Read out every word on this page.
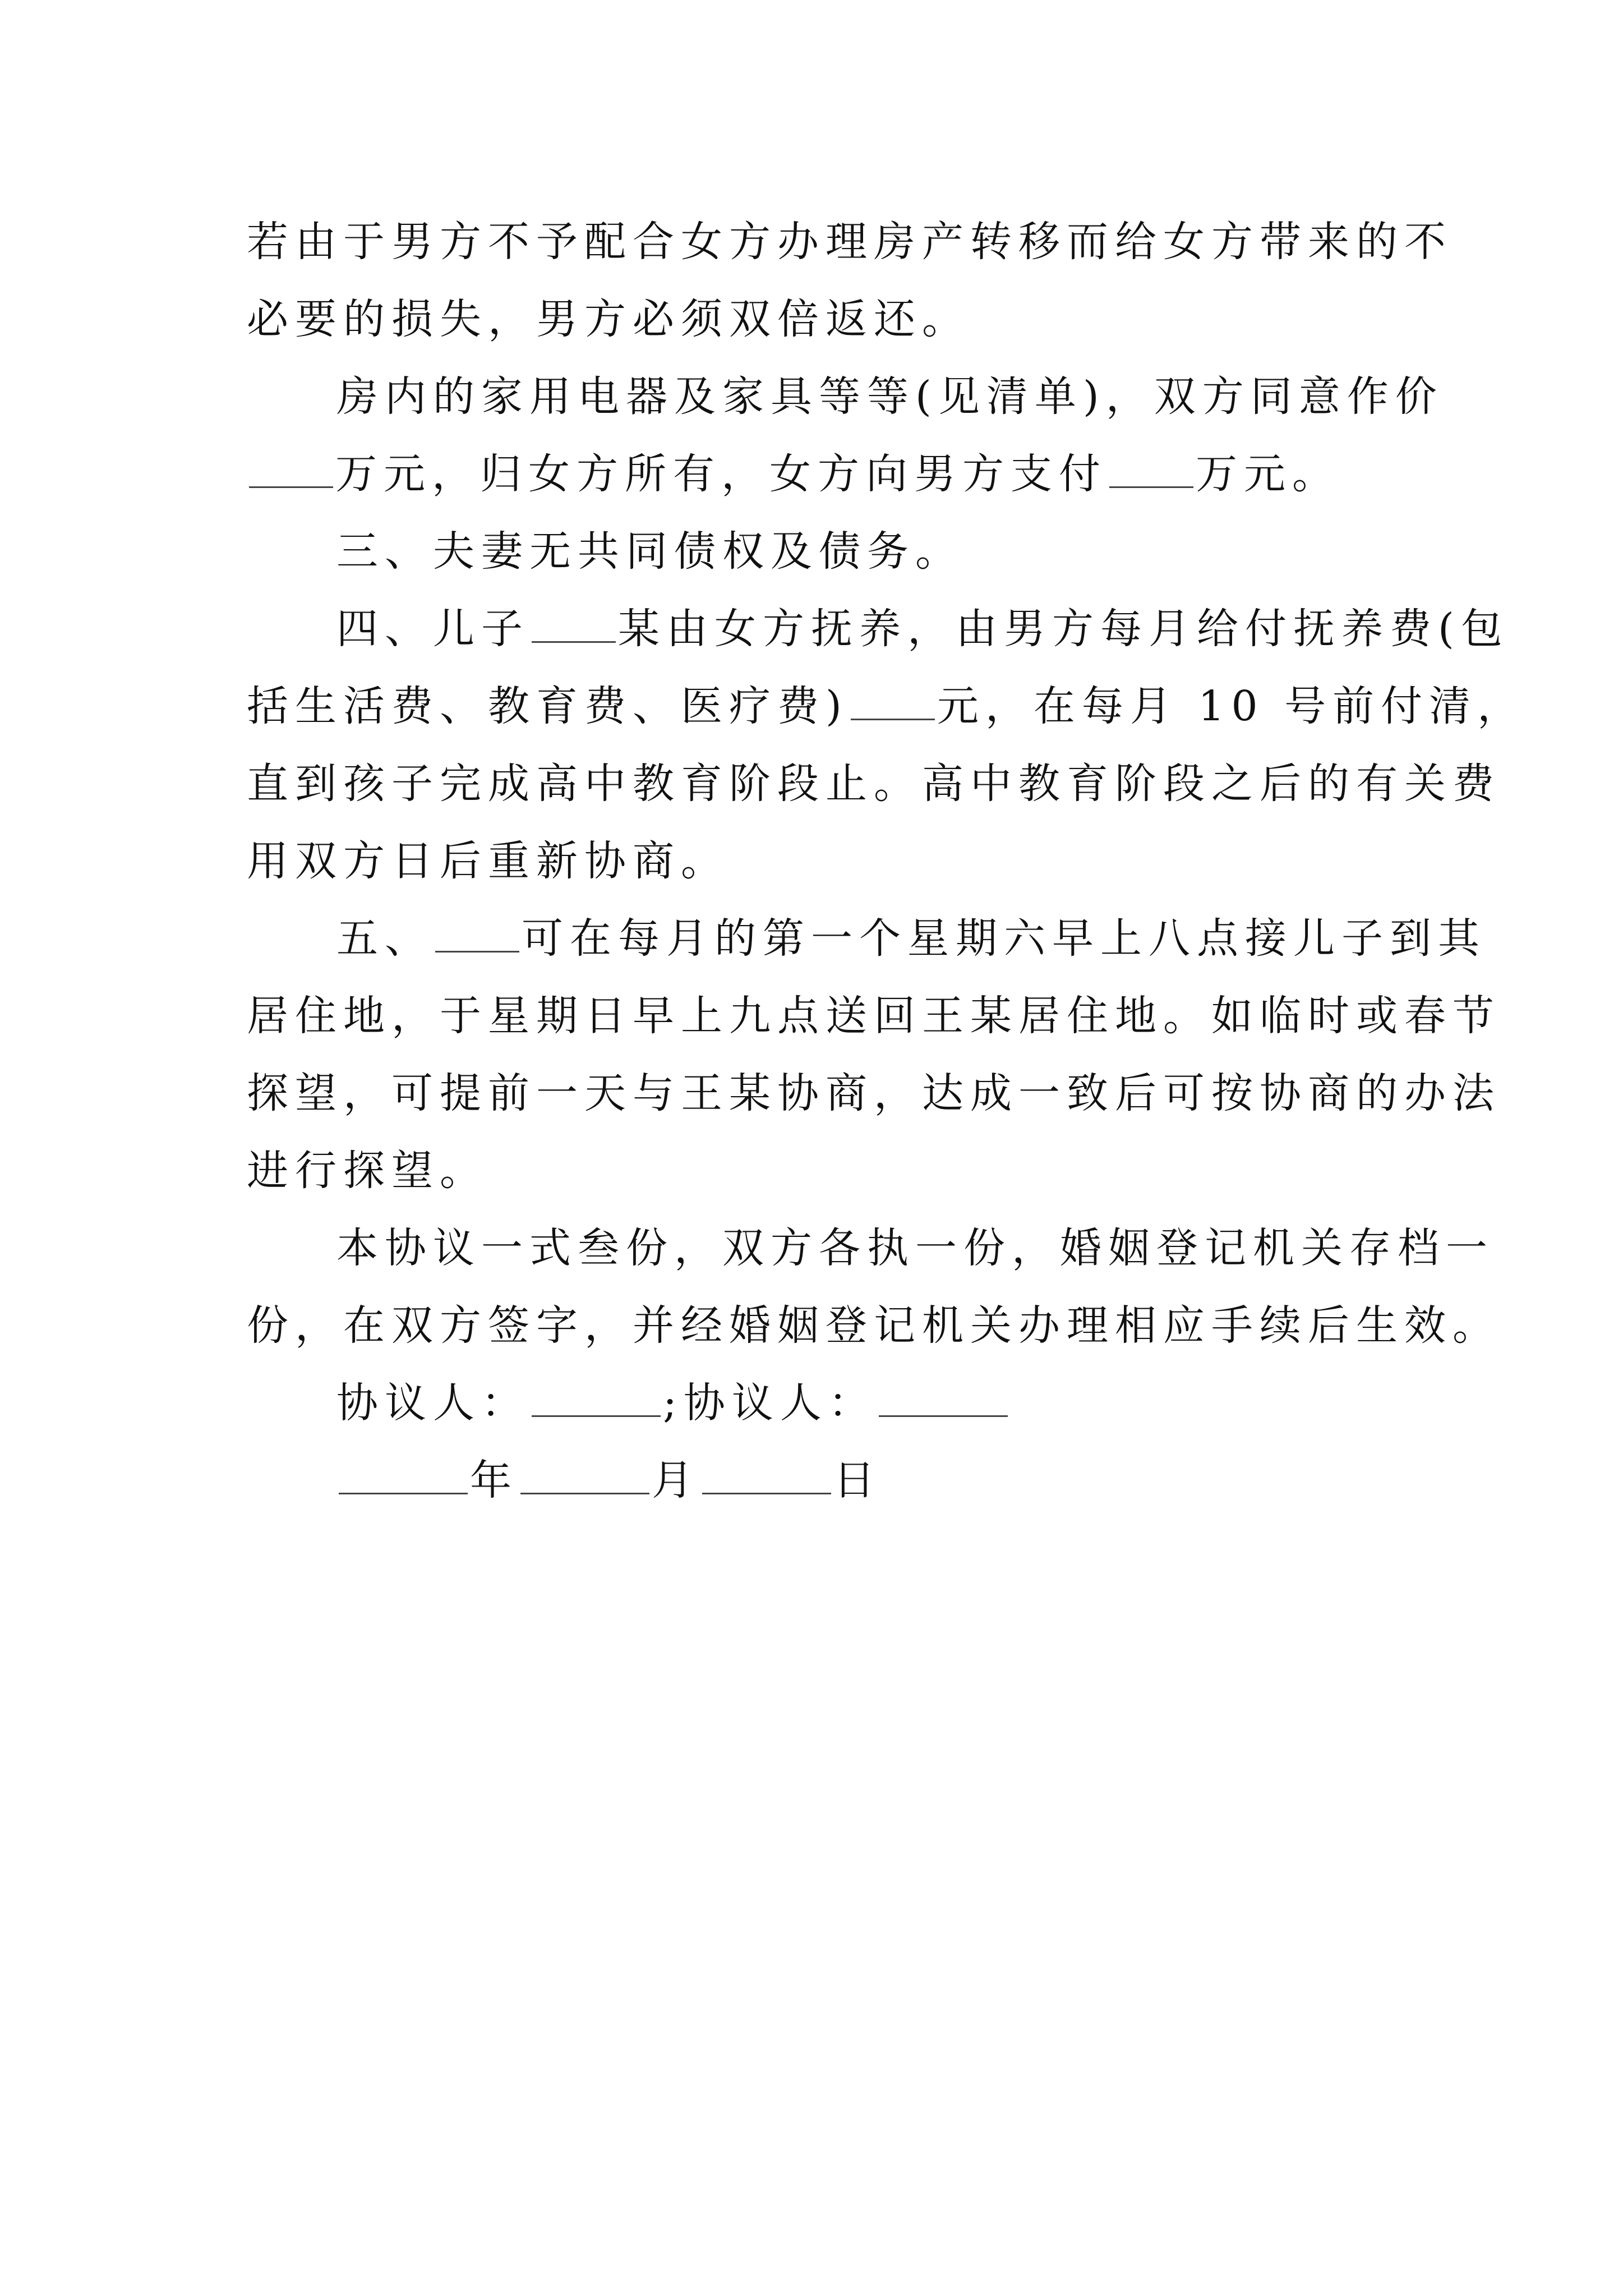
若由于男方不予配合女方办理房产转移而给女方带来的不
必要的损失，男方必须双倍返还。
房内的家用电器及家具等等(见清单)，双方同意作价
万元，归女方所有，女方向男方支付 万元。
三、夫妻无共同债权及债务。
四、儿子 某由女方抚养，由男方每月给付抚养费(包
括生活费、教育费、医疗费) 元，在每月 10 号前付清，
直到孩子完成高中教育阶段止。高中教育阶段之后的有关费
用双方日后重新协商。
五、 可在每月的第一个星期六早上八点接儿子到其
居住地，于星期日早上九点送回王某居住地。如临时或春节
探望，可提前一天与王某协商，达成一致后可按协商的办法
进行探望。
本协议一式叁份，双方各执一份，婚姻登记机关存档一
份，在双方签字，并经婚姻登记机关办理相应手续后生效。
协议人：	;协议人：
年	月	日
